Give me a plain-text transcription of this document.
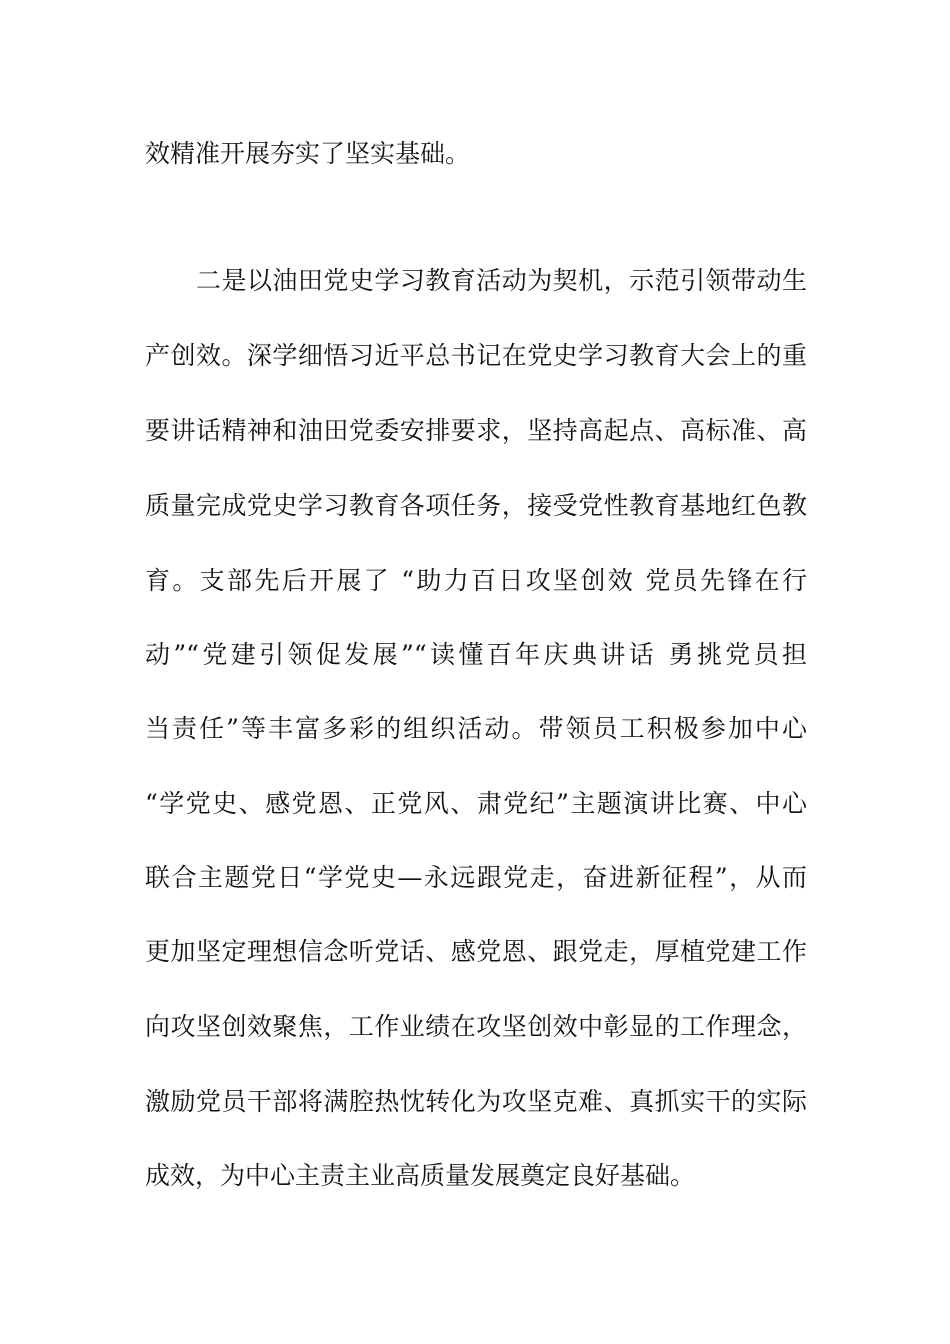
效精准开展夯实了坚实基础。
二是以油田党史学习教育活动为契机，示范引领带动生
产创效。深学细悟习近平总书记在党史学习教育大会上的重
要讲话精神和油田党委安排要求，坚持高起点、高标准、高
质量完成党史学习教育各项任务，接受党性教育基地红色教
育。支部先后开展了 “助力百日攻坚创效 党员先锋在行
动”“党建引领促发展”“读懂百年庆典讲话 勇挑党员担
当责任”等丰富多彩的组织活动。带领员工积极参加中心
“学党史、感党恩、正党风、肃党纪”主题演讲比赛、中心
联合主题党日“学党史—永远跟党走，奋进新征程”，从而
更加坚定理想信念听党话、感党恩、跟党走，厚植党建工作
向攻坚创效聚焦，工作业绩在攻坚创效中彰显的工作理念，
激励党员干部将满腔热忱转化为攻坚克难、真抓实干的实际
成效，为中心主责主业高质量发展奠定良好基础。
